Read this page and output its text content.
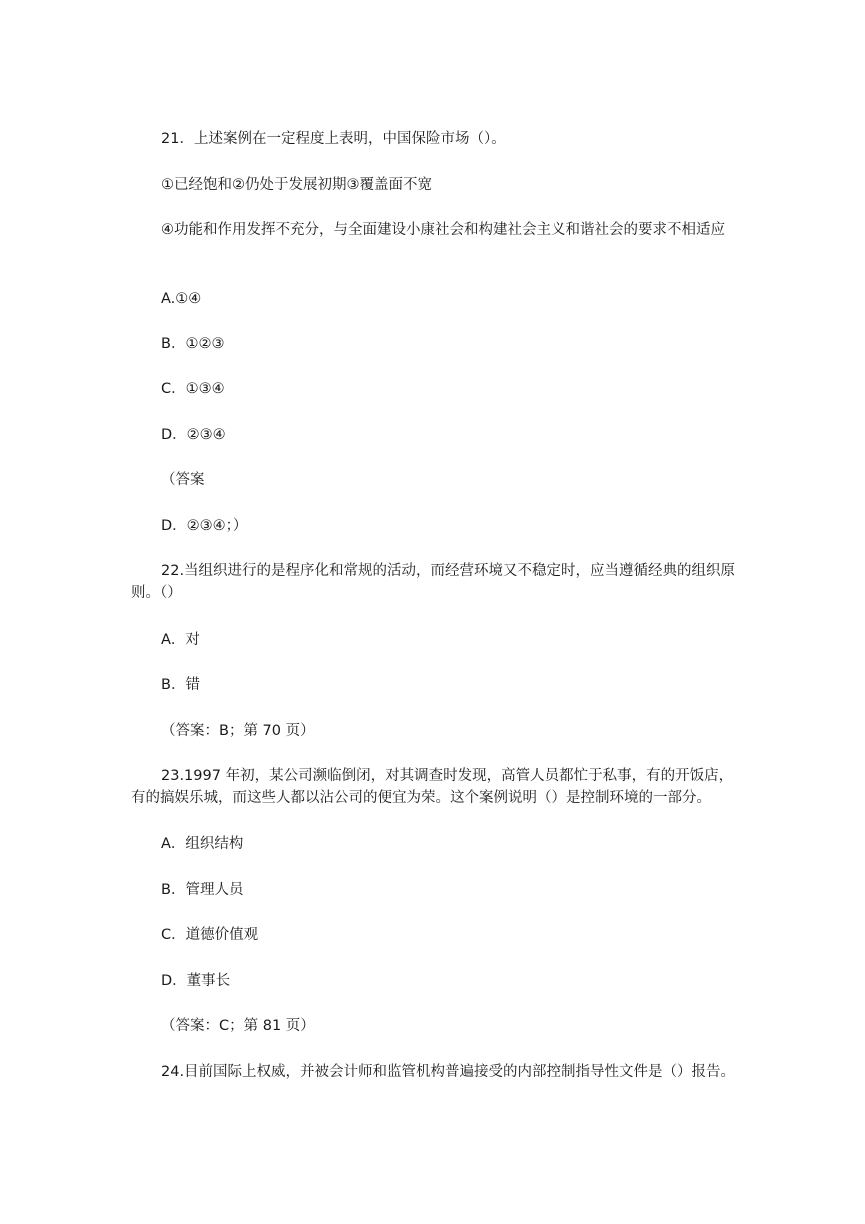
21．上述案例在一定程度上表明，中国保险市场（）。
①已经饱和②仍处于发展初期③覆盖面不宽
④功能和作用发挥不充分，与全面建设小康社会和构建社会主义和谐社会的要求不相适应
A.①④
B．①②③
C．①③④
D．②③④
（答案
D．②③④；）
22.当组织进行的是程序化和常规的活动，而经营环境又不稳定时，应当遵循经典的组织原则。（）
A．对
B．错
（答案：B；第 70 页）
23.1997 年初，某公司濒临倒闭，对其调查时发现，高管人员都忙于私事，有的开饭店，有的搞娱乐城，而这些人都以沾公司的便宜为荣。这个案例说明（）是控制环境的一部分。
A．组织结构
B．管理人员
C．道德价值观
D．董事长
（答案：C；第 81 页）
24.目前国际上权威，并被会计师和监管机构普遍接受的内部控制指导性文件是（）报告。
